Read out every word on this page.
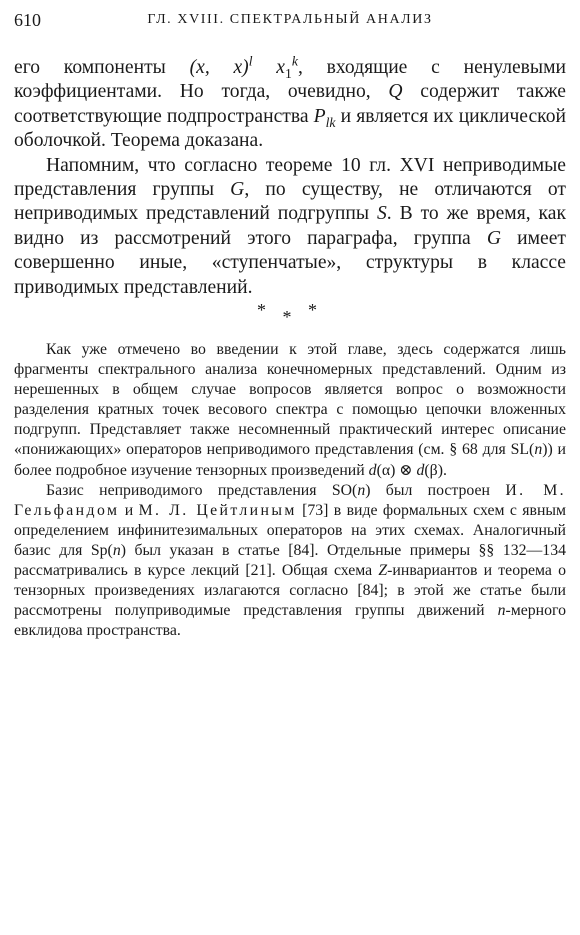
610	ГЛ. XVIII. СПЕКТРАЛЬНЫЙ АНАЛИЗ

его компоненты (x, x)$^l$ $x_1^k$, входящие с ненулевыми коэффициентами. Но тогда, очевидно, Q содержит также соответствующие подпространства $P_{lk}$ и является их циклической оболочкой. Теорема доказана.

Напомним, что согласно теореме 10 гл. XVI неприводимые представления группы G, по существу, не отличаются от неприводимых представлений подгруппы S. В то же время, как видно из рассмотрений этого параграфа, группа G имеет совершенно иные, «ступенчатые», структуры в классе приводимых представлений.

* * *

Как уже отмечено во введении к этой главе, здесь содержатся лишь фрагменты спектрального анализа конечномерных представлений. Одним из нерешенных в общем случае вопросов является вопрос о возможности разделения кратных точек весового спектра с помощью цепочки вложенных подгрупп. Представляет также несомненный практический интерес описание «понижающих» операторов неприводимого представления (см. § 68 для SL(n)) и более подробное изучение тензорных произведений d(α) ⊗ d(β).

Базис неприводимого представления SO(n) был построен И. М. Гельфандом и М. Л. Цейтлиным [73] в виде формальных схем с явным определением инфинитезимальных операторов на этих схемах. Аналогичный базис для Sp(n) был указан в статье [84]. Отдельные примеры §§ 132—134 рассматривались в курсе лекций [21]. Общая схема Z-инвариантов и теорема о тензорных произведениях излагаются согласно [84]; в этой же статье были рассмотрены полуприводимые представления группы движений n-мерного евклидова пространства.
